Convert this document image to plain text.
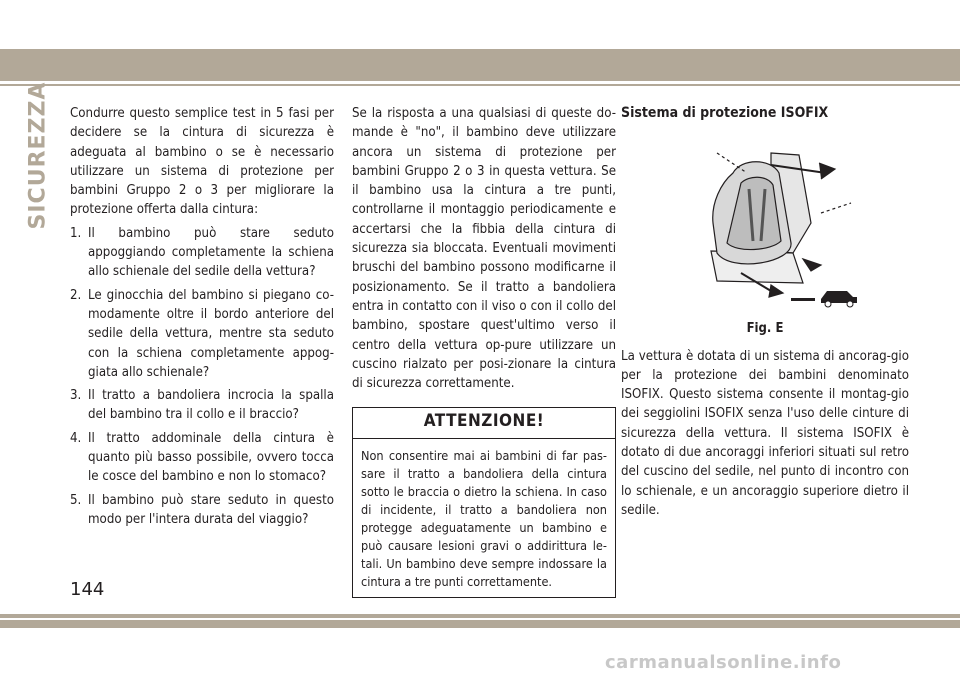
SICUREZZA Condurre questo semplice test in 5 fasi per decidere se la cintura di sicurezza è adeguata al bambino o se è necessario utilizzare un sistema di protezione per bambini Gruppo 2 o 3 per migliorare la protezione offerta dalla cintura:

1. Il bambino può stare seduto appoggiando completamente la schiena allo schienale del sedile della vettura?
2. Le ginocchia del bambino si piegano co-modamente oltre il bordo anteriore del sedile della vettura, mentre sta seduto con la schiena completamente appog-giata allo schienale?
3. Il tratto a bandoliera incrocia la spalla del bambino tra il collo e il braccio?
4. Il tratto addominale della cintura è quanto più basso possibile, ovvero tocca le cosce del bambino e non lo stomaco?
5. Il bambino può stare seduto in questo modo per l'intera durata del viaggio?

Se la risposta a una qualsiasi di queste do-mande è "no", il bambino deve utilizzare ancora un sistema di protezione per bambini Gruppo 2 o 3 in questa vettura. Se il bambino usa la cintura a tre punti, controllarne il montaggio periodicamente e accertarsi che la fibbia della cintura di sicurezza sia bloccata. Eventuali movimenti bruschi del bambino possono modificarne il posizionamento. Se il tratto a bandoliera entra in contatto con il viso o con il collo del bambino, spostare quest'ultimo verso il centro della vettura op-pure utilizzare un cuscino rialzato per posi-zionare la cintura di sicurezza correttamente.

ATTENZIONE!
Non consentire mai ai bambini di far pas-sare il tratto a bandoliera della cintura sotto le braccia o dietro la schiena. In caso di incidente, il tratto a bandoliera non protegge adeguatamente un bambino e può causare lesioni gravi o addirittura le-tali. Un bambino deve sempre indossare la cintura a tre punti correttamente.
Sistema di protezione ISOFIX
Fig. E

La vettura è dotata di un sistema di ancorag-gio per la protezione dei bambini denominato ISOFIX. Questo sistema consente il montag-gio dei seggiolini ISOFIX senza l'uso delle cinture di sicurezza della vettura. Il sistema ISOFIX è dotato di due ancoraggi inferiori situati sul retro del cuscino del sedile, nel punto di incontro con lo schienale, e un ancoraggio superiore dietro il sedile.

144
carmanualsonline.info
